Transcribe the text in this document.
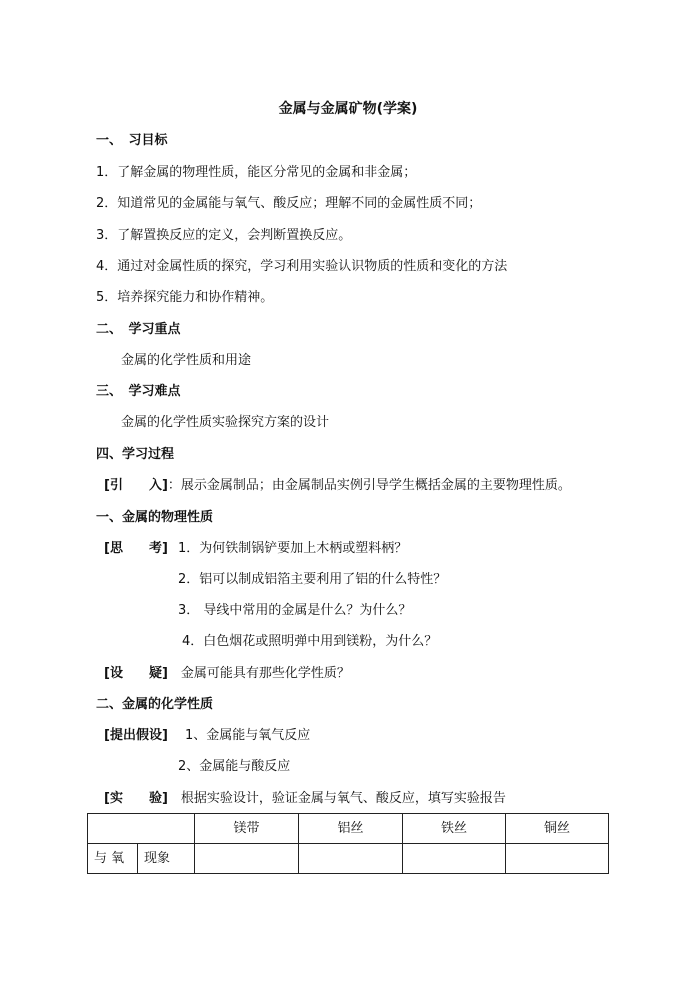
金属与金属矿物(学案)
一、　习目标
1．了解金属的物理性质，能区分常见的金属和非金属；
2．知道常见的金属能与氧气、酸反应；理解不同的金属性质不同；
3．了解置换反应的定义，会判断置换反应。
4．通过对金属性质的探究，学习利用实验认识物质的性质和变化的方法
5．培养探究能力和协作精神。
二、　学习重点
金属的化学性质和用途
三、　学习难点
金属的化学性质实验探究方案的设计
四、学习过程
[引　　入]：展示金属制品；由金属制品实例引导学生概括金属的主要物理性质。
一、金属的物理性质
[思　　考] 1．为何铁制锅铲要加上木柄或塑料柄？
2．铝可以制成铝箔主要利用了铝的什么特性？
3． 导线中常用的金属是什么？为什么？
4．白色烟花或照明弹中用到镁粉，为什么？
[设　　疑]　 金属可能具有那些化学性质？
二、金属的化学性质
[提出假设] 1、金属能与氧气反应
2、金属能与酸反应
[实　　验]　 根据实验设计，验证金属与氧气、酸反应，填写实验报告
		镁带	铝丝	铁丝	铜丝
与 氧	现象				
